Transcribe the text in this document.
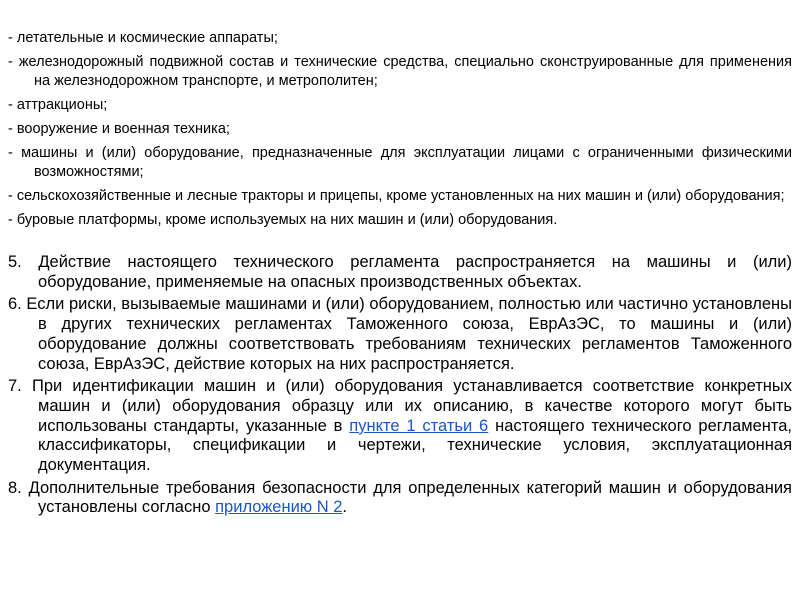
- летательные и космические аппараты;
- железнодорожный подвижной состав и технические средства, специально сконструированные для применения на железнодорожном транспорте, и метрополитен;
- аттракционы;
- вооружение и военная техника;
- машины и (или) оборудование, предназначенные для эксплуатации лицами с ограниченными физическими возможностями;
- сельскохозяйственные и лесные тракторы и прицепы, кроме установленных на них машин и (или) оборудования;
- буровые платформы, кроме используемых на них машин и (или) оборудования.
5. Действие настоящего технического регламента распространяется на машины и (или) оборудование, применяемые на опасных производственных объектах.
6. Если риски, вызываемые машинами и (или) оборудованием, полностью или частично установлены в других технических регламентах Таможенного союза, ЕврАзЭС, то машины и (или) оборудование должны соответствовать требованиям технических регламентов Таможенного союза, ЕврАзЭС, действие которых на них распространяется.
7. При идентификации машин и (или) оборудования устанавливается соответствие конкретных машин и (или) оборудования образцу или их описанию, в качестве которого могут быть использованы стандарты, указанные в пункте 1 статьи 6 настоящего технического регламента, классификаторы, спецификации и чертежи, технические условия, эксплуатационная документация.
8. Дополнительные требования безопасности для определенных категорий машин и оборудования установлены согласно приложению N 2.
